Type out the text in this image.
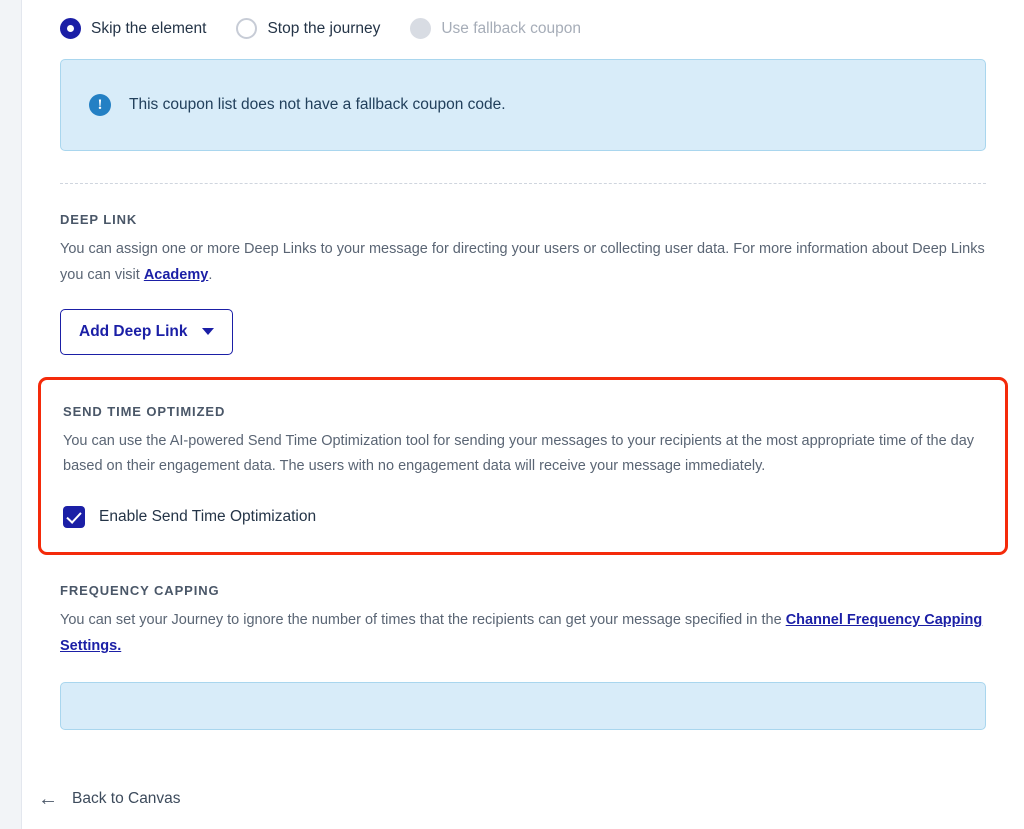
Skip the element	Stop the journey	Use fallback coupon
!	This coupon list does not have a fallback coupon code.
DEEP LINK
You can assign one or more Deep Links to your message for directing your users or collecting user data. For more information about Deep Links you can visit Academy.
Add Deep Link
SEND TIME OPTIMIZED
You can use the AI-powered Send Time Optimization tool for sending your messages to your recipients at the most appropriate time of the day based on their engagement data. The users with no engagement data will receive your message immediately.
Enable Send Time Optimization
FREQUENCY CAPPING
You can set your Journey to ignore the number of times that the recipients can get your message specified in the Channel Frequency Capping Settings.
← Back to Canvas
